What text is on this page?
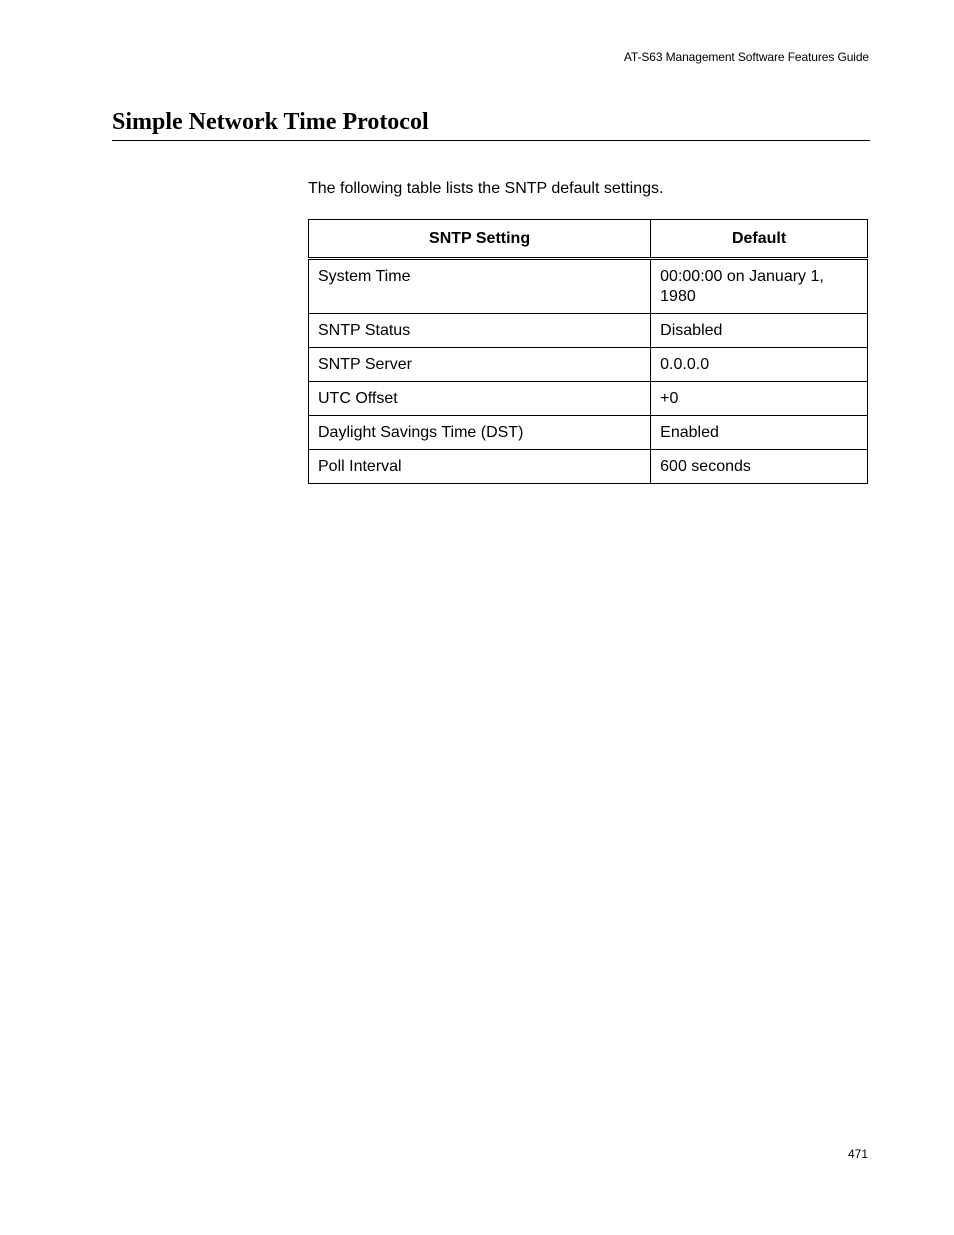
AT-S63 Management Software Features Guide
Simple Network Time Protocol

The following table lists the SNTP default settings.

SNTP Setting	Default
System Time	00:00:00 on January 1, 1980
SNTP Status	Disabled
SNTP Server	0.0.0.0
UTC Offset	+0
Daylight Savings Time (DST)	Enabled
Poll Interval	600 seconds
471
